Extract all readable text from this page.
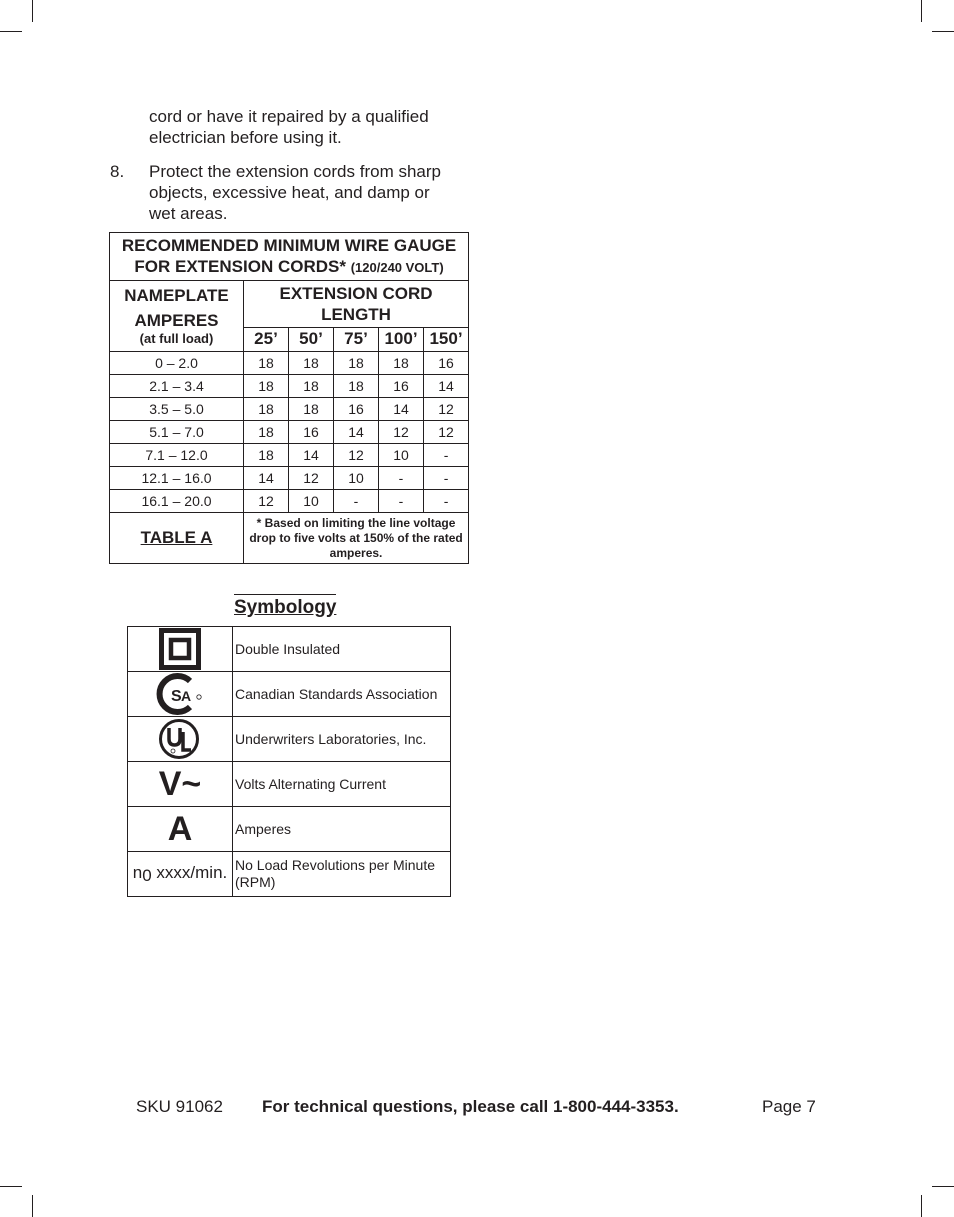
cord or have it repaired by a qualified electrician before using it.
8. Protect the extension cords from sharp objects, excessive heat, and damp or wet areas.
RECOMMENDED MINIMUM WIRE GAUGE
FOR EXTENSION CORDS* (120/240 VOLT)					

NAMEPLATE
AMPERES
(at full load)	EXTENSION CORD LENGTH				
	25’	50’	75’	100’	150’
0 – 2.0	18	18	18	18	16
2.1 – 3.4	18	18	18	16	14
3.5 – 5.0	18	18	16	14	12
5.1 – 7.0	18	16	14	12	12
7.1 – 12.0	18	14	12	10	-
12.1 – 16.0	14	12	10	-	-
16.1 – 20.0	12	10	-	-	-
TABLE A	* Based on limiting the line voltage drop to five volts at 150% of the rated amperes.				
Symbology
	Double Insulated

S A	Canadian Standards Association

	Underwriters Laboratories, Inc.
V~	Volts Alternating Current
A	Amperes
$n_0$ xxxx/min.	No Load Revolutions per Minute (RPM)
SKU 91062 For technical questions, please call 1-800-444-3353.	Page 7
